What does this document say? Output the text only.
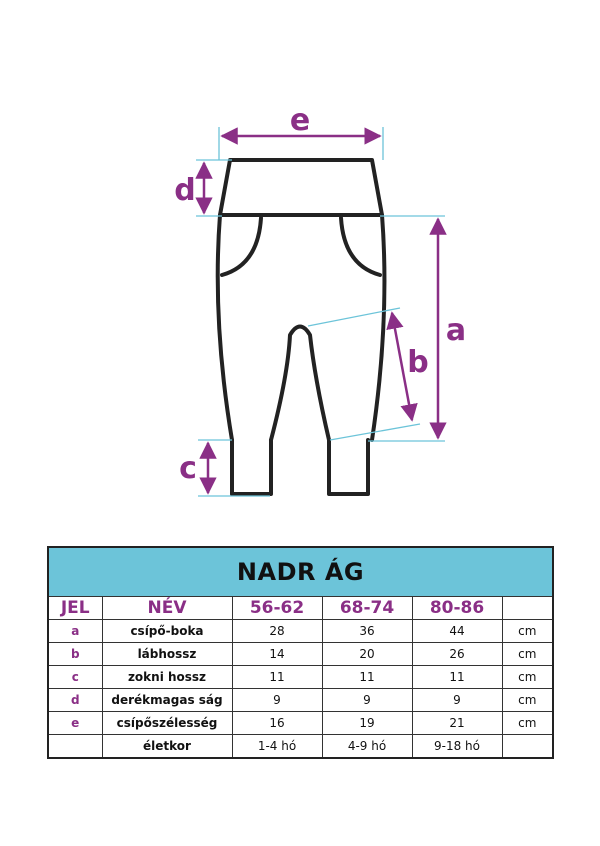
e
d
a
b
c
NADR ÁG					
JEL	NÉV	56-62	68-74	80-86	
a	csípő-boka	28	36	44	cm
b	lábhossz	14	20	26	cm
c	zokni hossz	11	11	11	cm
d	derékmagas ság	9	9	9	cm
e	csípőszélesség	16	19	21	cm
	életkor	1-4 hó	4-9 hó	9-18 hó	
